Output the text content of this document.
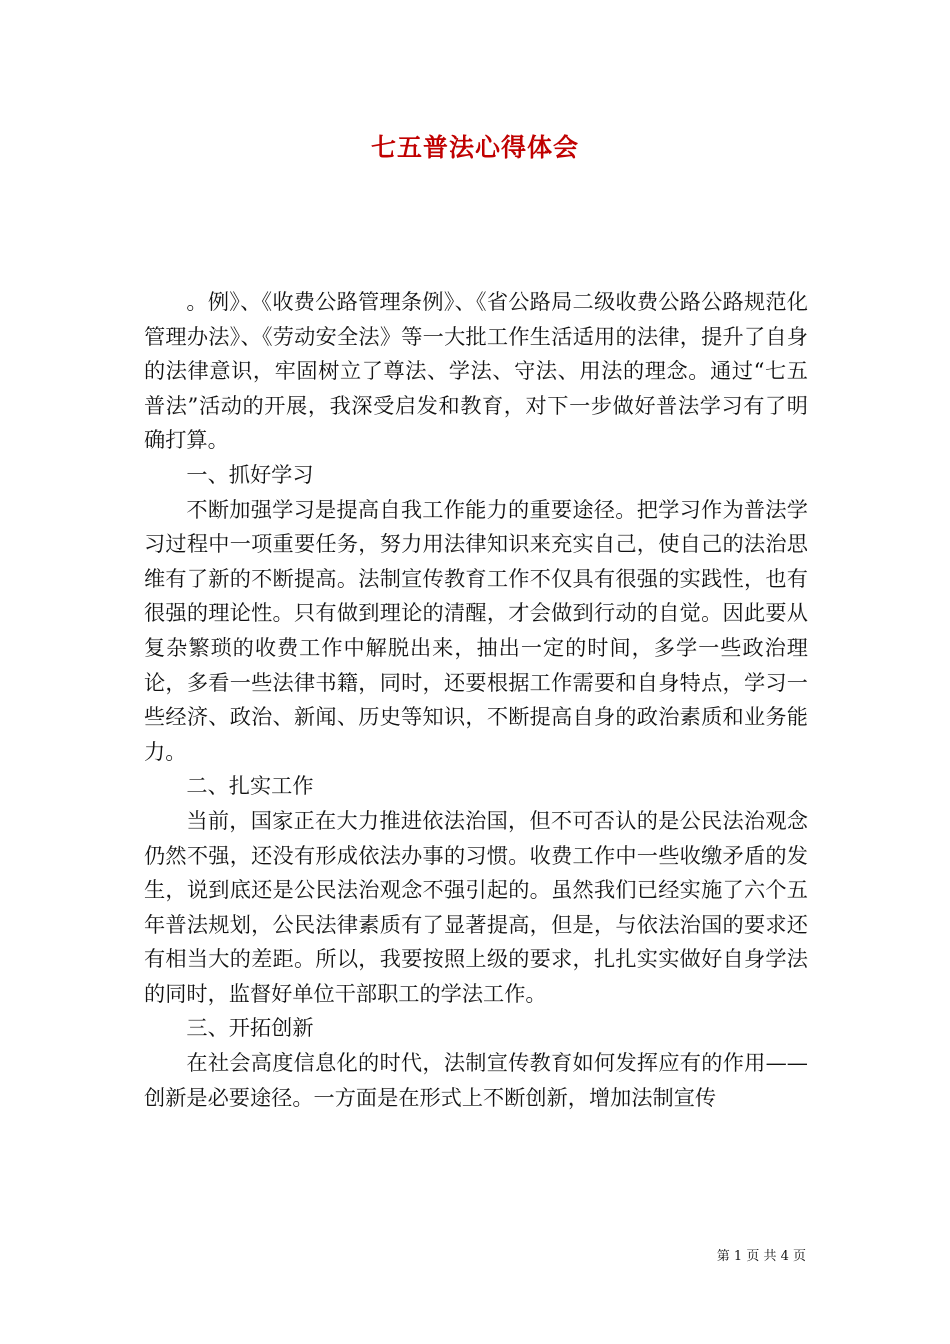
七五普法心得体会

。例》、《收费公路管理条例》、《省公路局二级收费公路公路规范化管理办法》、《劳动安全法》等一大批工作生活适用的法律，提升了自身的法律意识，牢固树立了尊法、学法、守法、用法的理念。通过“七五普法”活动的开展，我深受启发和教育，对下一步做好普法学习有了明确打算。

一、抓好学习

不断加强学习是提高自我工作能力的重要途径。把学习作为普法学习过程中一项重要任务，努力用法律知识来充实自己，使自己的法治思维有了新的不断提高。法制宣传教育工作不仅具有很强的实践性，也有很强的理论性。只有做到理论的清醒，才会做到行动的自觉。因此要从复杂繁琐的收费工作中解脱出来，抽出一定的时间，多学一些政治理论，多看一些法律书籍，同时，还要根据工作需要和自身特点，学习一些经济、政治、新闻、历史等知识，不断提高自身的政治素质和业务能力。

二、扎实工作

当前，国家正在大力推进依法治国，但不可否认的是公民法治观念仍然不强，还没有形成依法办事的习惯。收费工作中一些收缴矛盾的发生，说到底还是公民法治观念不强引起的。虽然我们已经实施了六个五年普法规划，公民法律素质有了显著提高，但是，与依法治国的要求还有相当大的差距。所以，我要按照上级的要求，扎扎实实做好自身学法的同时，监督好单位干部职工的学法工作。

三、开拓创新

在社会高度信息化的时代，法制宣传教育如何发挥应有的作用——创新是必要途径。一方面是在形式上不断创新，增加法制宣传

第 1 页 共 4 页
